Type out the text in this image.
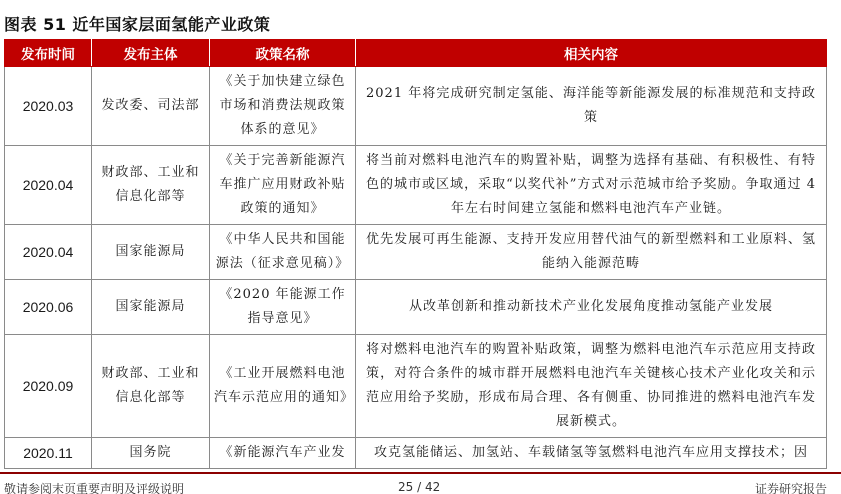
图表 51 近年国家层面氢能产业政策
发布时间	发布主体	政策名称	相关内容
2020.03	发改委、司法部	《关于加快建立绿色市场和消费法规政策体系的意见》	2021 年将完成研究制定氢能、海洋能等新能源发展的标准规范和支持政策
2020.04	财政部、工业和信息化部等	《关于完善新能源汽车推广应用财政补贴政策的通知》	将当前对燃料电池汽车的购置补贴，调整为选择有基础、有积极性、有特色的城市或区域，采取“以奖代补”方式对示范城市给予奖励。争取通过 4 年左右时间建立氢能和燃料电池汽车产业链。
2020.04	国家能源局	《中华人民共和国能源法（征求意见稿）》	优先发展可再生能源、支持开发应用替代油气的新型燃料和工业原料、氢能纳入能源范畴
2020.06	国家能源局	《2020 年能源工作指导意见》	从改革创新和推动新技术产业化发展角度推动氢能产业发展
2020.09	财政部、工业和信息化部等	《工业开展燃料电池汽车示范应用的通知》	将对燃料电池汽车的购置补贴政策，调整为燃料电池汽车示范应用支持政策，对符合条件的城市群开展燃料电池汽车关键核心技术产业化攻关和示范应用给予奖励，形成布局合理、各有侧重、协同推进的燃料电池汽车发展新模式。
2020.11	国务院	《新能源汽车产业发	攻克氢能储运、加氢站、车载储氢等氢燃料电池汽车应用支撑技术；因
敬请参阅末页重要声明及评级说明	25 / 42	证券研究报告
